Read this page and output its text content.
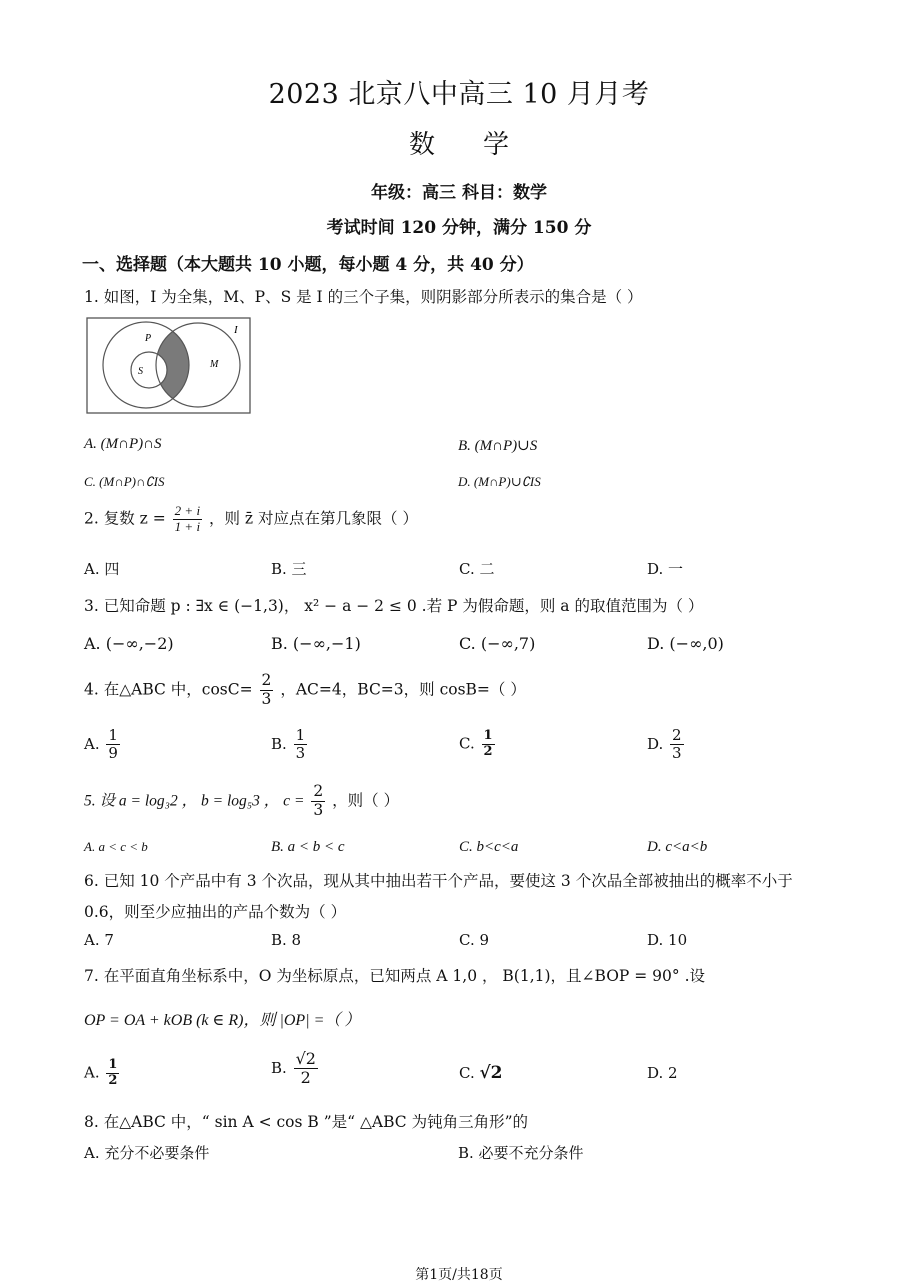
2023 北京八中高三 10 月月考
数学
年级：高三 科目：数学
考试时间 120 分钟，满分 150 分
一、选择题（本大题共 10 小题，每小题 4 分，共 40 分）
1. 如图，I 为全集，M、P、S 是 I 的三个子集，则阴影部分所表示的集合是（ ）
I
P
M
S
A. (M∩P)∩S	B. (M∩P)∪S
C. (M∩P)∩∁IS	D. (M∩P)∪∁IS
2. 复数 $z = \frac{2 + i}{1 + i}$ ，则 z̄ 对应点在第几象限（ ）
A. 四	B. 三	C. 二	D. 一
3. 已知命题 p : ∃x ∈ (−1,3)， x² − a − 2 ≤ 0 .若 P 为假命题，则 a 的取值范围为（ ）
A. (−∞,−2)	B. (−∞,−1)	C. (−∞,7)	D. (−∞,0)
4. 在△ABC 中，$\cos C= \frac{2}{3}$ ，AC=4，BC=3，则 cosB=（ ）
A. $\frac{1}{9}$	B. $\frac{1}{3}$	C. $\frac{1}{2}$	D. $\frac{2}{3}$
5. 设 a = log₃2 ， b = log₅3 ， $c = \frac{2}{3}$ ，则（ ）
A. a < c < b	B. a < b < c	C. b<c<a	D. c<a<b
6. 已知 10 个产品中有 3 个次品，现从其中抽出若干个产品，要使这 3 个次品全部被抽出的概率不小于
0.6，则至少应抽出的产品个数为（ ）
A. 7	B. 8	C. 9	D. 10
7. 在平面直角坐标系中，O 为坐标原点，已知两点 A 1,0 ， B(1,1)，且∠BOP = 90° .设
OP = OA + kOB (k ∈ R)，则 |OP| =（ ）
A. $\frac{1}{2}$	B. $\frac{√2}{2}$	C. √2	D. 2
8. 在△ABC 中，“ sin A < cos B ”是“ △ABC 为钝角三角形”的
A. 充分不必要条件	B. 必要不充分条件
第1页/共18页
